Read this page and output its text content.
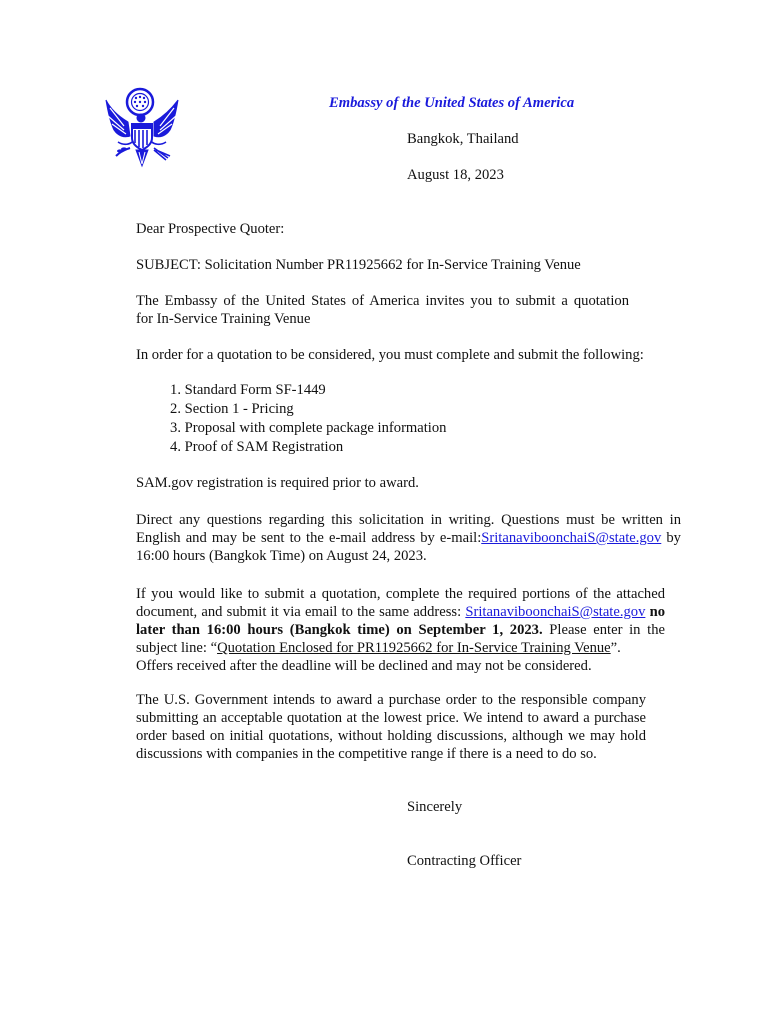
Embassy of the United States of America
Bangkok, Thailand
August 18, 2023

Dear Prospective Quoter:

SUBJECT: Solicitation Number PR11925662 for In-Service Training Venue

The Embassy of the United States of America invites you to submit a quotation
for In-Service Training Venue

In order for a quotation to be considered, you must complete and submit the following:

1. Standard Form SF-1449
2. Section 1 - Pricing
3. Proposal with complete package information
4. Proof of SAM Registration

SAM.gov registration is required prior to award.

Direct any questions regarding this solicitation in writing. Questions must be written in
English and may be sent to the e-mail address by e-mail:SritanaviboonchaiS@state.gov by
16:00 hours (Bangkok Time) on August 24, 2023.
If you would like to submit a quotation, complete the required portions of the attached
document, and submit it via email to the same address: SritanaviboonchaiS@state.gov no
later than 16:00 hours (Bangkok time) on September 1, 2023. Please enter in the
subject line: “Quotation Enclosed for PR11925662 for In-Service Training Venue”.
Offers received after the deadline will be declined and may not be considered.
The U.S. Government intends to award a purchase order to the responsible company
submitting an acceptable quotation at the lowest price. We intend to award a purchase
order based on initial quotations, without holding discussions, although we may hold
discussions with companies in the competitive range if there is a need to do so.
Sincerely
Contracting Officer
